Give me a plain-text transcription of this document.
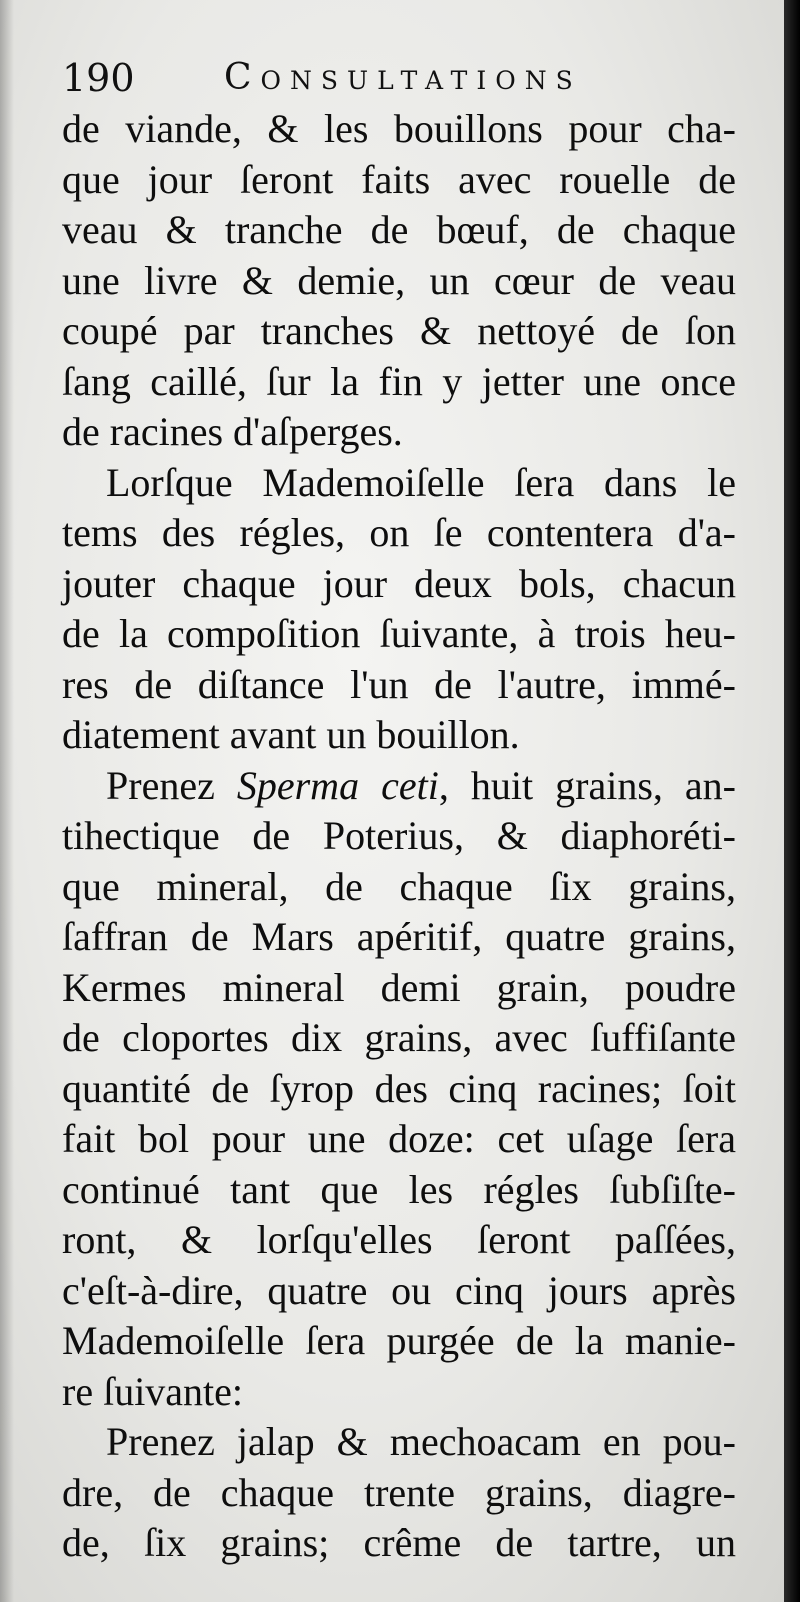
190 Consultations
de viande, & les bouillons pour cha-
que jour ſeront faits avec rouelle de
veau & tranche de bœuf, de chaque
une livre & demie, un cœur de veau
coupé par tranches & nettoyé de ſon
ſang caillé, ſur la fin y jetter une once
de racines d'aſperges.
Lorſque Mademoiſelle ſera dans le
tems des régles, on ſe contentera d'a-
jouter chaque jour deux bols, chacun
de la compoſition ſuivante, à trois heu-
res de diſtance l'un de l'autre, immé-
diatement avant un bouillon.
Prenez Sperma ceti, huit grains, an-
tihectique de Poterius, & diaphoréti-
que mineral, de chaque ſix grains,
ſaffran de Mars apéritif, quatre grains,
Kermes mineral demi grain, poudre
de cloportes dix grains, avec ſuffiſante
quantité de ſyrop des cinq racines; ſoit
fait bol pour une doze: cet uſage ſera
continué tant que les régles ſubſiſte-
ront, & lorſqu'elles ſeront paſſées,
c'eſt-à-dire, quatre ou cinq jours après
Mademoiſelle ſera purgée de la manie-
re ſuivante:
Prenez jalap & mechoacam en pou-
dre, de chaque trente grains, diagre-
de, ſix grains; crême de tartre, un
